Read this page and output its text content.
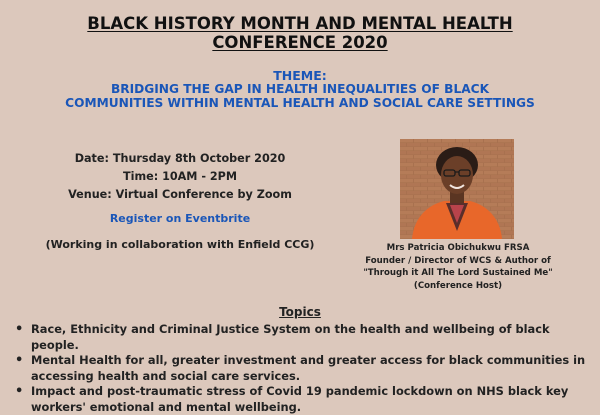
BLACK HISTORY MONTH AND MENTAL HEALTH
CONFERENCE 2020
THEME:
BRIDGING THE GAP IN HEALTH INEQUALITIES OF BLACK
COMMUNITIES WITHIN MENTAL HEALTH AND SOCIAL CARE SETTINGS
Date: Thursday 8th October 2020
Time: 10AM - 2PM
Venue: Virtual Conference by Zoom
Register on Eventbrite
(Working in collaboration with Enfield CCG)	Mrs Patricia Obichukwu FRSA
Founder / Director of WCS & Author of
"Through it All The Lord Sustained Me"
(Conference Host)
Topics
• Race, Ethnicity and Criminal Justice System on the health and wellbeing of black people.
• Mental Health for all, greater investment and greater access for black communities in accessing health and social care services.
• Impact and post-traumatic stress of Covid 19 pandemic lockdown on NHS black key workers' emotional and mental wellbeing.
